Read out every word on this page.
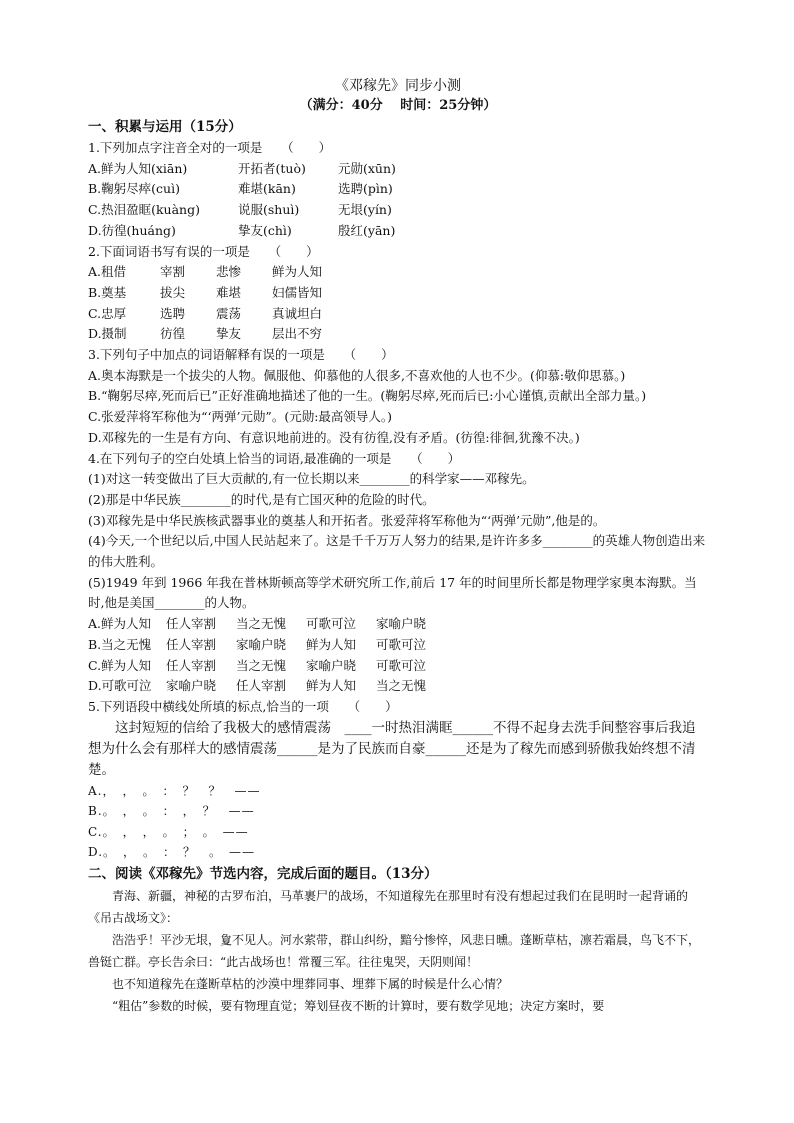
《邓稼先》同步小测
（满分：40分　 时间：25分钟）
一、积累与运用（15分）
1.下列加点字注音全对的一项是　　（　　）
A.鲜为人知(xiān)	开拓者(tuò)	元勋(xūn)
B.鞠躬尽瘁(cuì)	难堪(kān)	选聘(pìn)
C.热泪盈眶(kuàng)	说服(shuì)	无垠(yín)
D.彷徨(huáng)	挚友(chì)	殷红(yān)
2.下面词语书写有误的一项是　　（　　）
A.租借	宰割	悲惨	鲜为人知
B.奠基	拔尖	难堪	妇儒皆知
C.忠厚	选聘	震荡	真诚坦白
D.摄制	彷徨	挚友	层出不穷
3.下列句子中加点的词语解释有误的一项是　　（　　）
A.奥本海默是一个拔尖的人物。佩服他、仰慕他的人很多,不喜欢他的人也不少。(仰慕:敬仰思慕。)
B.“鞠躬尽瘁,死而后已”正好准确地描述了他的一生。(鞠躬尽瘁,死而后已:小心谨慎,贡献出全部力量。)
C.张爱萍将军称他为“‘两弹’元勋”。(元勋:最高领导人。)
D.邓稼先的一生是有方向、有意识地前进的。没有彷徨,没有矛盾。(彷徨:徘徊,犹豫不决。)
4.在下列句子的空白处填上恰当的词语,最准确的一项是　　（　　）
(1)对这一转变做出了巨大贡献的,有一位长期以来________的科学家——邓稼先。
(2)那是中华民族________的时代,是有亡国灭种的危险的时代。
(3)邓稼先是中华民族核武器事业的奠基人和开拓者。张爱萍将军称他为“‘两弹’元勋”,他是的。
(4)今天,一个世纪以后,中国人民站起来了。这是千千万万人努力的结果,是许许多多________的英雄人物创造出来的伟大胜利。
(5)1949 年到 1966 年我在普林斯顿高等学术研究所工作,前后 17 年的时间里所长都是物理学家奥本海默。当时,他是美国________的人物。
A.鲜为人知	任人宰割	当之无愧	可歌可泣	家喻户晓
B.当之无愧	任人宰割	家喻户晓	鲜为人知	可歌可泣
C.鲜为人知	任人宰割	当之无愧	家喻户晓	可歌可泣
D.可歌可泣	家喻户晓	任人宰割	鲜为人知	当之无愧
5.下列语段中横线处所填的标点,恰当的一项　　（　　）
这封短短的信给了我极大的感情震荡　____一时热泪满眶______不得不起身去洗手间整容事后我追想为什么会有那样大的感情震荡______是为了民族而自豪______还是为了稼先而感到骄傲我始终想不清楚。
A.，　，　。　：　？　？　——
B.。　，　。　：　，　？　——
C.。　，　，　。　；　。　——
D.。　，　。　：　？　。　——
二、阅读《邓稼先》节选内容，完成后面的题目。（13分）
青海、新疆，神秘的古罗布泊，马革裹尸的战场，不知道稼先在那里时有没有想起过我们在昆明时一起背诵的《吊古战场文》：
浩浩乎！平沙无垠，夐不见人。河水萦带，群山纠纷，黯兮惨悴，风悲日曛。蓬断草枯，凛若霜晨，鸟飞不下，兽铤亡群。亭长告余曰：“此古战场也！常覆三军。往往鬼哭，天阴则闻！
也不知道稼先在蓬断草枯的沙漠中埋葬同事、埋葬下属的时候是什么心情？
“粗估”参数的时候，要有物理直觉；筹划昼夜不断的计算时，要有数学见地；决定方案时，要
